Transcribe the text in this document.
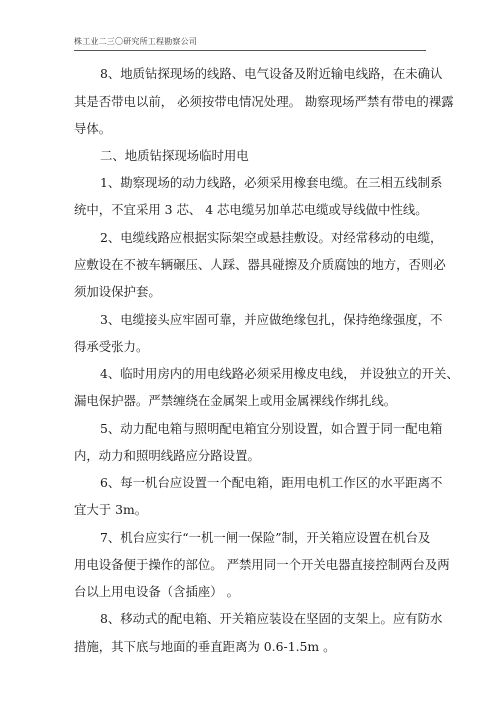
株工业二三〇研究所工程勘察公司
8、地质钻探现场的线路、电气设备及附近输电线路，在未确认
其是否带电以前， 必须按带电情况处理。 勘察现场严禁有带电的裸露
导体。
二、地质钻探现场临时用电
1、勘察现场的动力线路，必须采用橡套电缆。在三相五线制系
统中，不宜采用 3 芯、 4 芯电缆另加单芯电缆或导线做中性线。
2、电缆线路应根据实际架空或悬挂敷设。对经常移动的电缆，
应敷设在不被车辆碾压、人踩、器具碰擦及介质腐蚀的地方，否则必
须加设保护套。
3、电缆接头应牢固可靠，并应做绝缘包扎，保持绝缘强度，不
得承受张力。
4、临时用房内的用电线路必须采用橡皮电线， 并设独立的开关、
漏电保护器。严禁缠绕在金属架上或用金属裸线作绑扎线。
5、动力配电箱与照明配电箱宜分别设置，如合置于同一配电箱
内，动力和照明线路应分路设置。
6、每一机台应设置一个配电箱，距用电机工作区的水平距离不
宜大于 3m。
7、机台应实行“一机一闸一保险”制，开关箱应设置在机台及
用电设备便于操作的部位。 严禁用同一个开关电器直接控制两台及两
台以上用电设备（含插座） 。
8、移动式的配电箱、开关箱应装设在坚固的支架上。应有防水
措施，其下底与地面的垂直距离为 0.6-1.5m 。
